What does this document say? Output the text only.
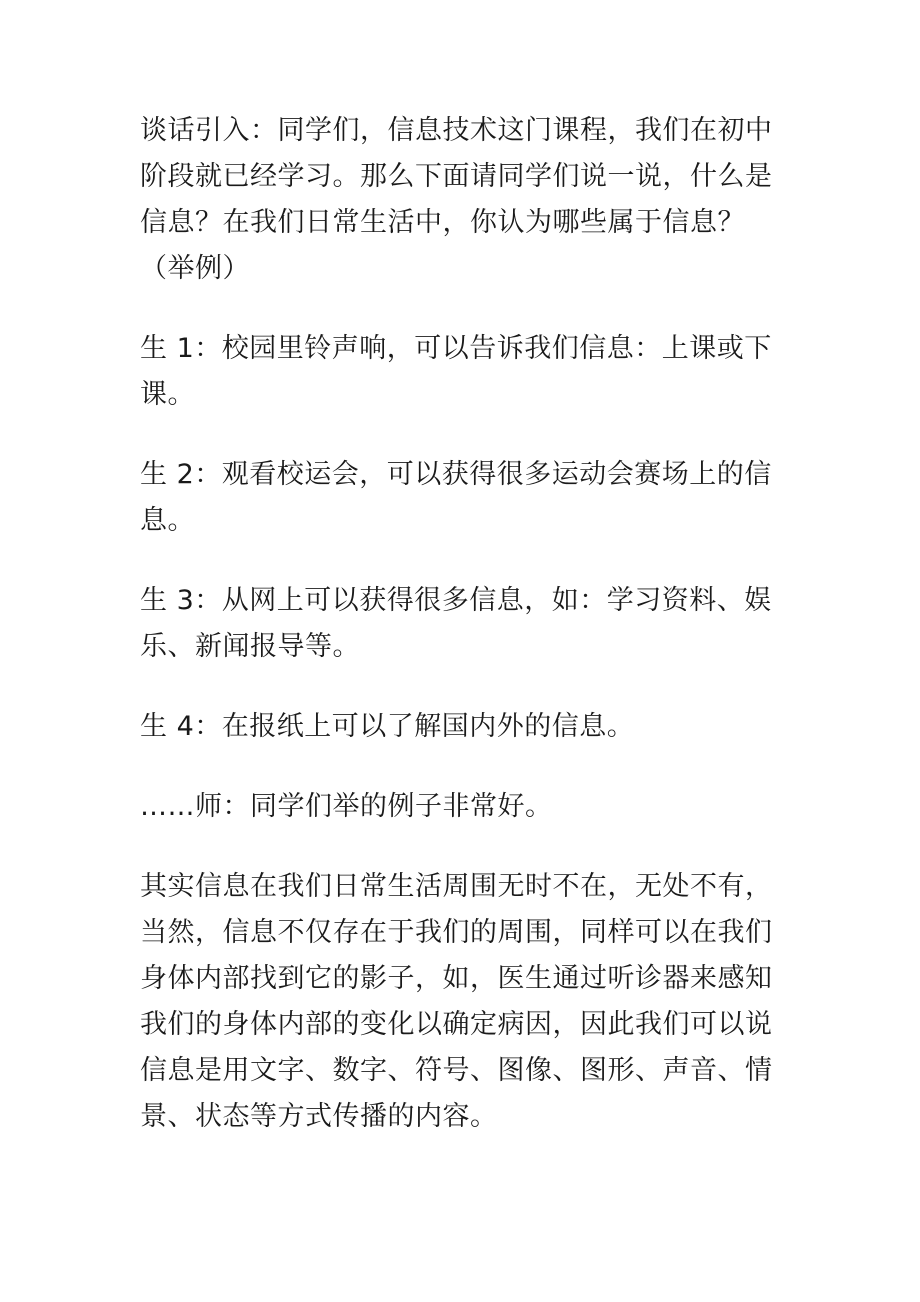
谈话引入：同学们，信息技术这门课程，我们在初中阶段就已经学习。那么下面请同学们说一说，什么是信息？在我们日常生活中，你认为哪些属于信息？（举例）

生 1：校园里铃声响，可以告诉我们信息：上课或下课。

生 2：观看校运会，可以获得很多运动会赛场上的信息。

生 3：从网上可以获得很多信息，如：学习资料、娱乐、新闻报导等。

生 4：在报纸上可以了解国内外的信息。

……师：同学们举的例子非常好。

其实信息在我们日常生活周围无时不在，无处不有，当然，信息不仅存在于我们的周围，同样可以在我们身体内部找到它的影子，如，医生通过听诊器来感知我们的身体内部的变化以确定病因，因此我们可以说信息是用文字、数字、符号、图像、图形、声音、情景、状态等方式传播的内容。
